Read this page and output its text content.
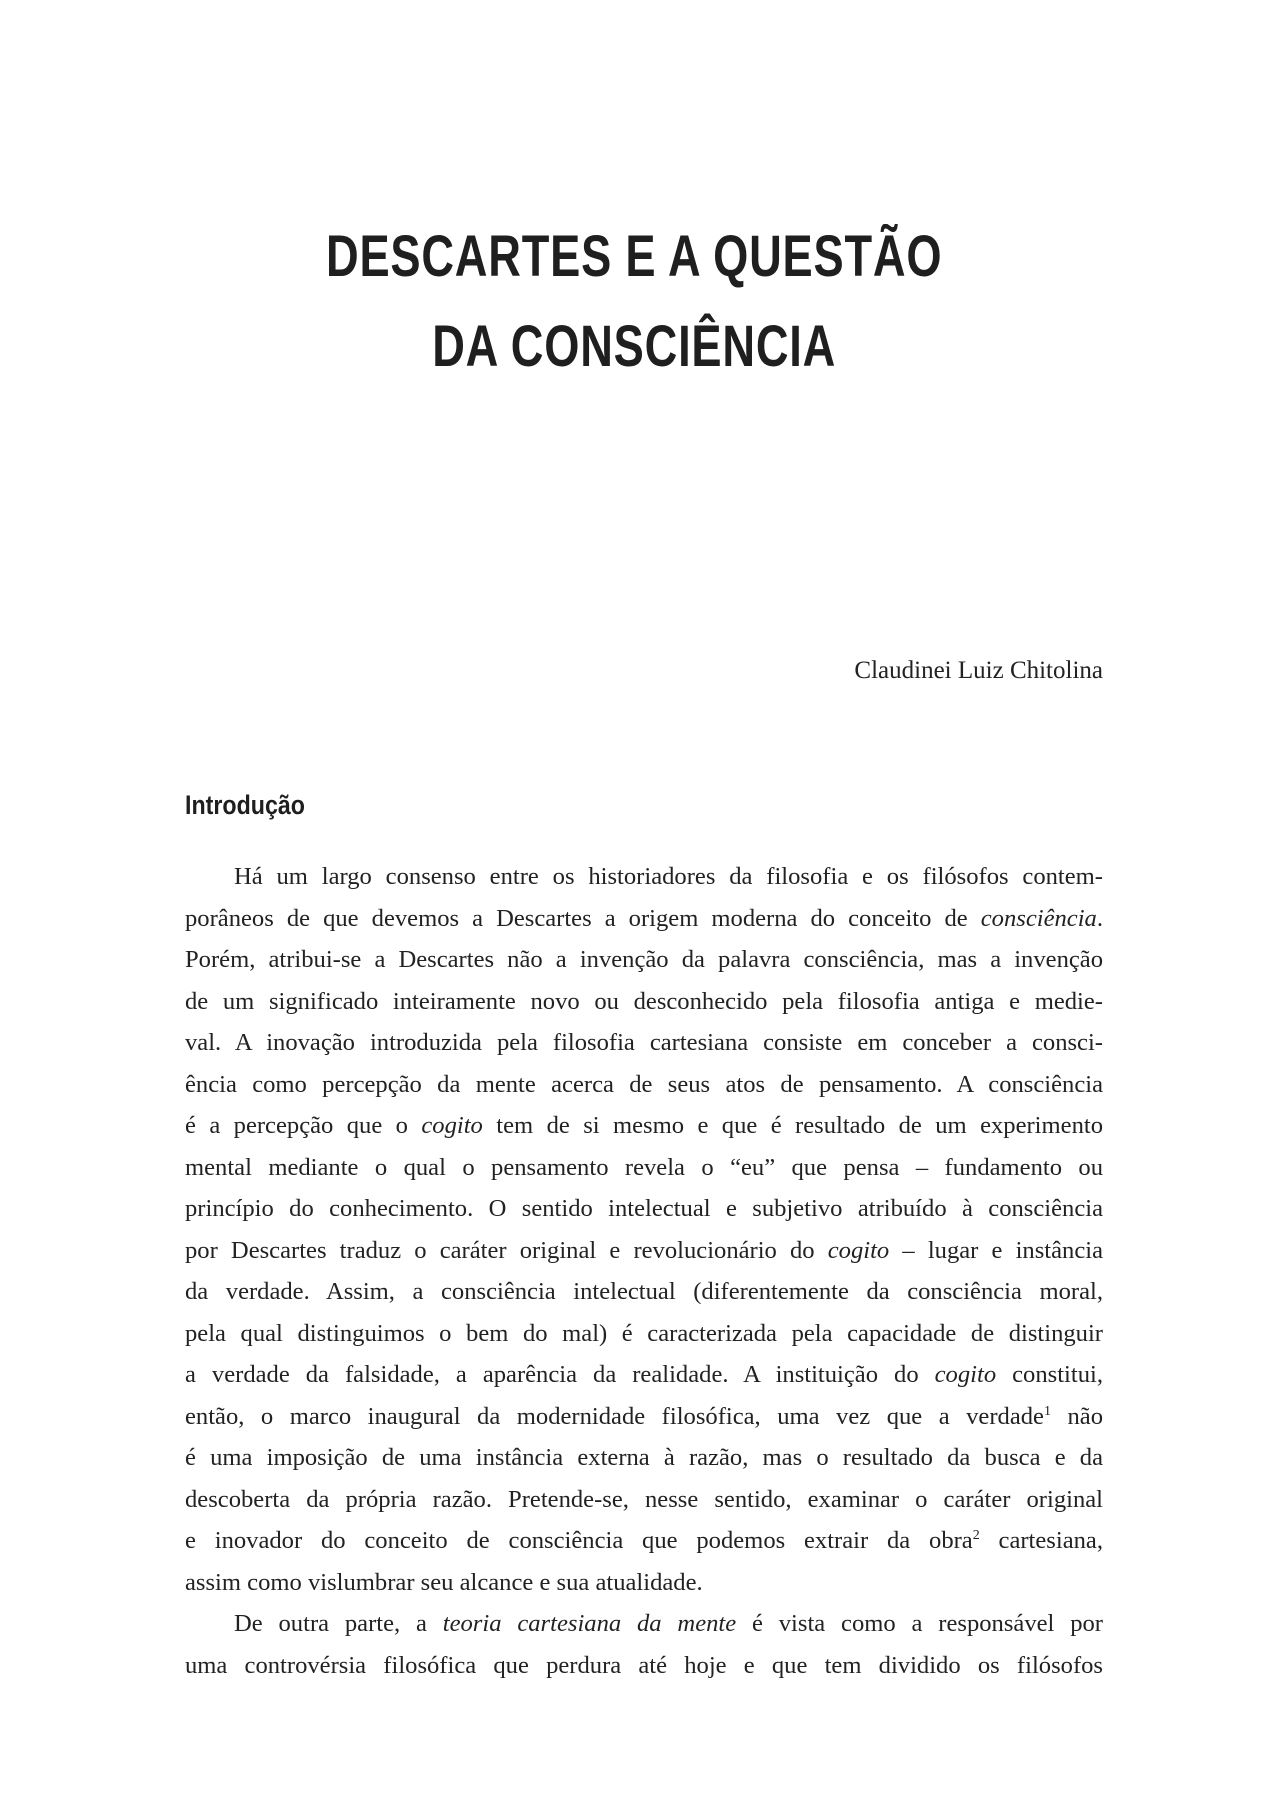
DESCARTES E A QUESTÃO
DA CONSCIÊNCIA
Claudinei Luiz Chitolina
Introdução
Há um largo consenso entre os historiadores da filosofia e os filósofos contem-
porâneos de que devemos a Descartes a origem moderna do conceito de consciência.
Porém, atribui-se a Descartes não a invenção da palavra consciência, mas a invenção
de um significado inteiramente novo ou desconhecido pela filosofia antiga e medie-
val. A inovação introduzida pela filosofia cartesiana consiste em conceber a consci-
ência como percepção da mente acerca de seus atos de pensamento. A consciência
é a percepção que o cogito tem de si mesmo e que é resultado de um experimento
mental mediante o qual o pensamento revela o “eu” que pensa – fundamento ou
princípio do conhecimento. O sentido intelectual e subjetivo atribuído à consciência
por Descartes traduz o caráter original e revolucionário do cogito – lugar e instância
da verdade. Assim, a consciência intelectual (diferentemente da consciência moral,
pela qual distinguimos o bem do mal) é caracterizada pela capacidade de distinguir
a verdade da falsidade, a aparência da realidade. A instituição do cogito constitui,
então, o marco inaugural da modernidade filosófica, uma vez que a verdade$^1$ não
é uma imposição de uma instância externa à razão, mas o resultado da busca e da
descoberta da própria razão. Pretende-se, nesse sentido, examinar o caráter original
e inovador do conceito de consciência que podemos extrair da obra$^2$ cartesiana,
assim como vislumbrar seu alcance e sua atualidade.
De outra parte, a teoria cartesiana da mente é vista como a responsável por
uma controvérsia filosófica que perdura até hoje e que tem dividido os filósofos
